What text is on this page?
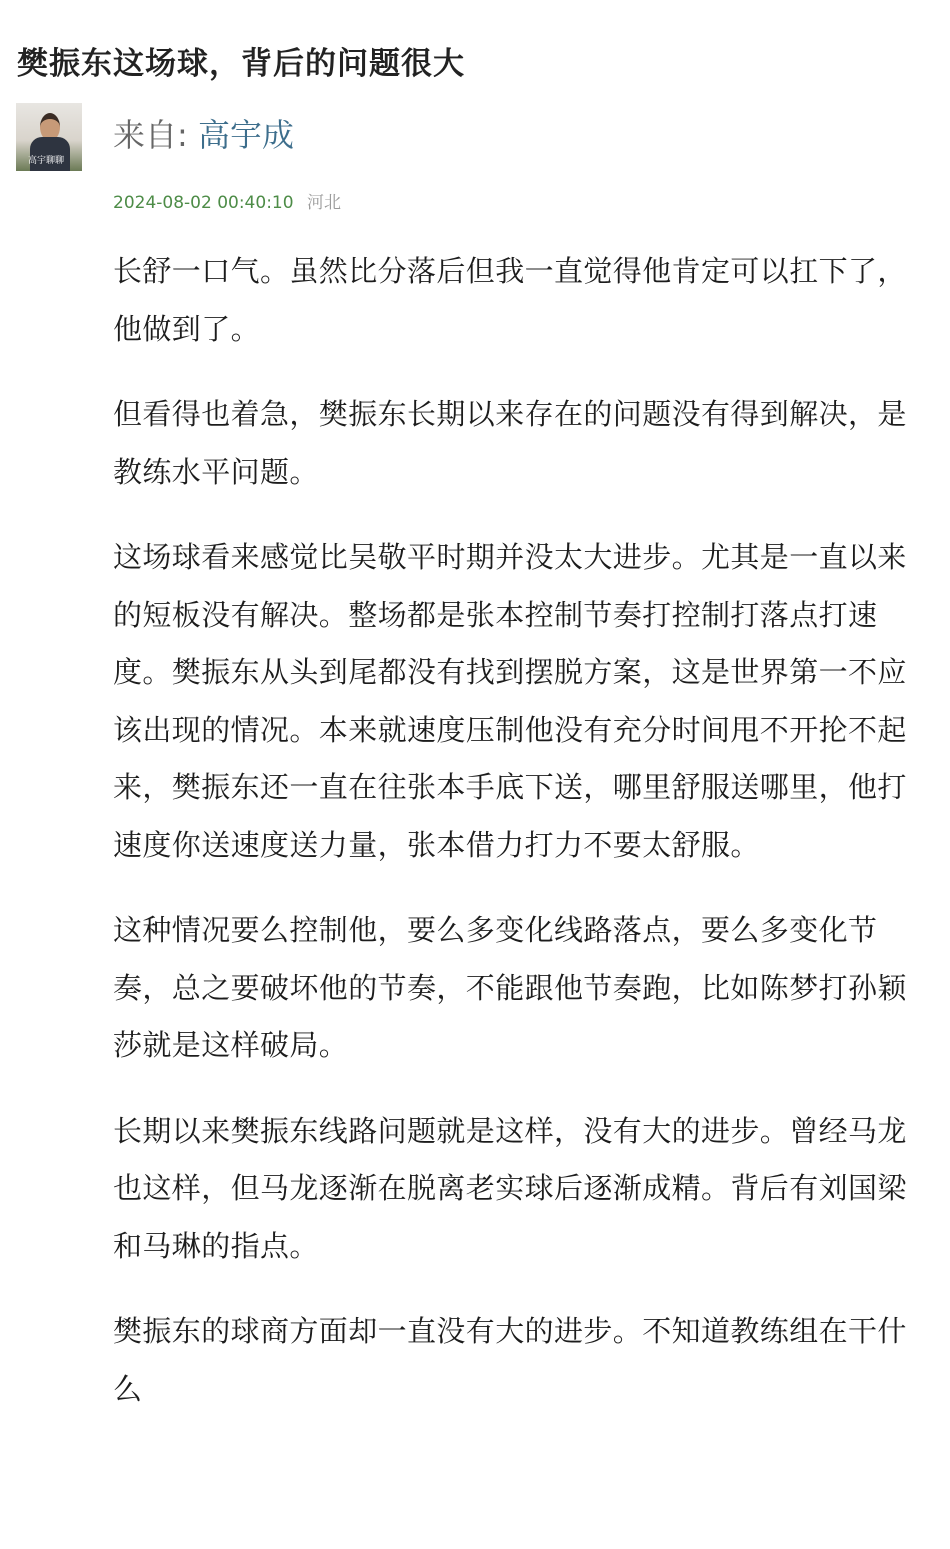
樊振东这场球，背后的问题很大
高宇聊聊
来自: 高宇成
2024-08-02 00:40:10 河北

长舒一口气。虽然比分落后但我一直觉得他肯定可以扛下了，他做到了。

但看得也着急，樊振东长期以来存在的问题没有得到解决，是教练水平问题。

这场球看来感觉比吴敬平时期并没太大进步。尤其是一直以来的短板没有解决。整场都是张本控制节奏打控制打落点打速度。樊振东从头到尾都没有找到摆脱方案，这是世界第一不应该出现的情况。本来就速度压制他没有充分时间甩不开抡不起来，樊振东还一直在往张本手底下送，哪里舒服送哪里，他打速度你送速度送力量，张本借力打力不要太舒服。

这种情况要么控制他，要么多变化线路落点，要么多变化节奏，总之要破坏他的节奏，不能跟他节奏跑，比如陈梦打孙颖莎就是这样破局。

长期以来樊振东线路问题就是这样，没有大的进步。曾经马龙也这样，但马龙逐渐在脱离老实球后逐渐成精。背后有刘国梁和马琳的指点。

樊振东的球商方面却一直没有大的进步。不知道教练组在干什么
